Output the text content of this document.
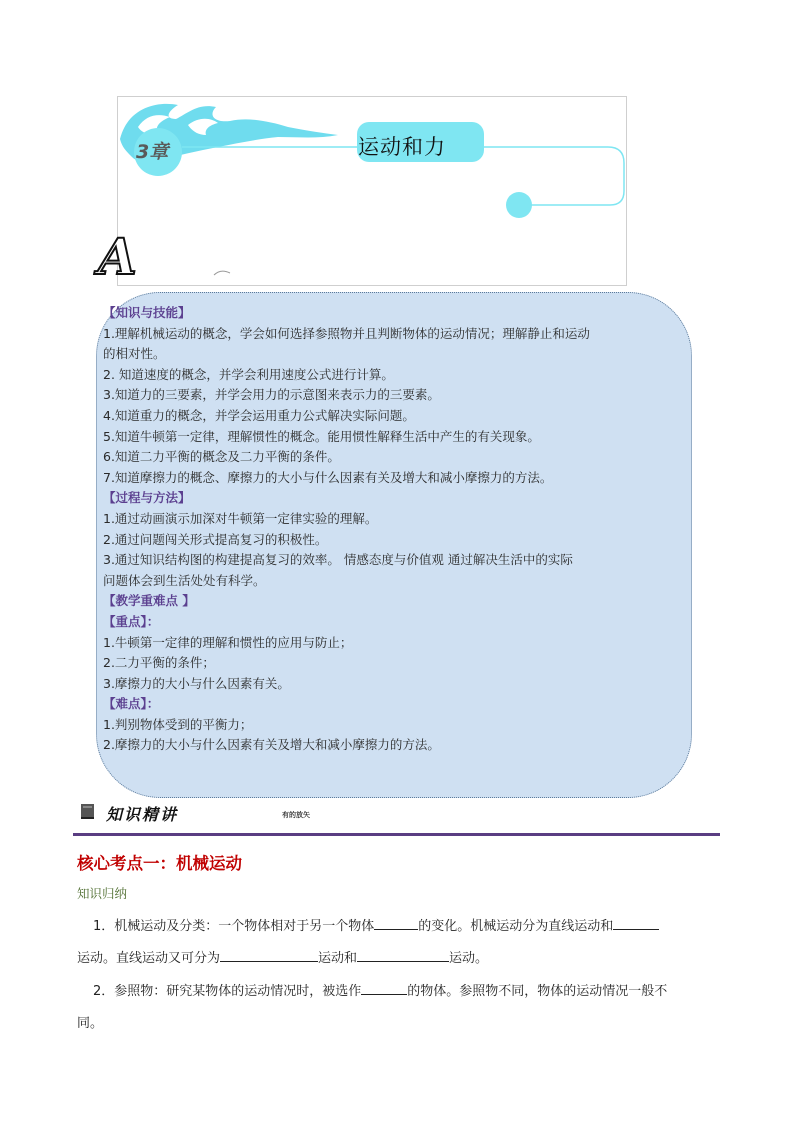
3章	运动和力
A
【知识与技能】
1.理解机械运动的概念，学会如何选择参照物并且判断物体的运动情况；理解静止和运动
的相对性。
2. 知道速度的概念，并学会利用速度公式进行计算。
3.知道力的三要素，并学会用力的示意图来表示力的三要素。
4.知道重力的概念，并学会运用重力公式解决实际问题。
5.知道牛顿第一定律，理解惯性的概念。能用惯性解释生活中产生的有关现象。
6.知道二力平衡的概念及二力平衡的条件。
7.知道摩擦力的概念、摩擦力的大小与什么因素有关及增大和减小摩擦力的方法。
【过程与方法】
1.通过动画演示加深对牛顿第一定律实验的理解。
2.通过问题闯关形式提高复习的积极性。
3.通过知识结构图的构建提高复习的效率。 情感态度与价值观 通过解决生活中的实际
问题体会到生活处处有科学。
【教学重难点 】
【重点】：
1.牛顿第一定律的理解和惯性的应用与防止；
2.二力平衡的条件；
3.摩擦力的大小与什么因素有关。
【难点】：
1.判别物体受到的平衡力；
2.摩擦力的大小与什么因素有关及增大和减小摩擦力的方法。
知识精讲	有的放矢
核心考点一：机械运动
知识归纳
1．机械运动及分类：一个物体相对于另一个物体	的变化。机械运动分为直线运动和
运动。直线运动又可分为	运动和	运动。
2．参照物：研究某物体的运动情况时，被选作	的物体。参照物不同，物体的运动情况一般不
同。
